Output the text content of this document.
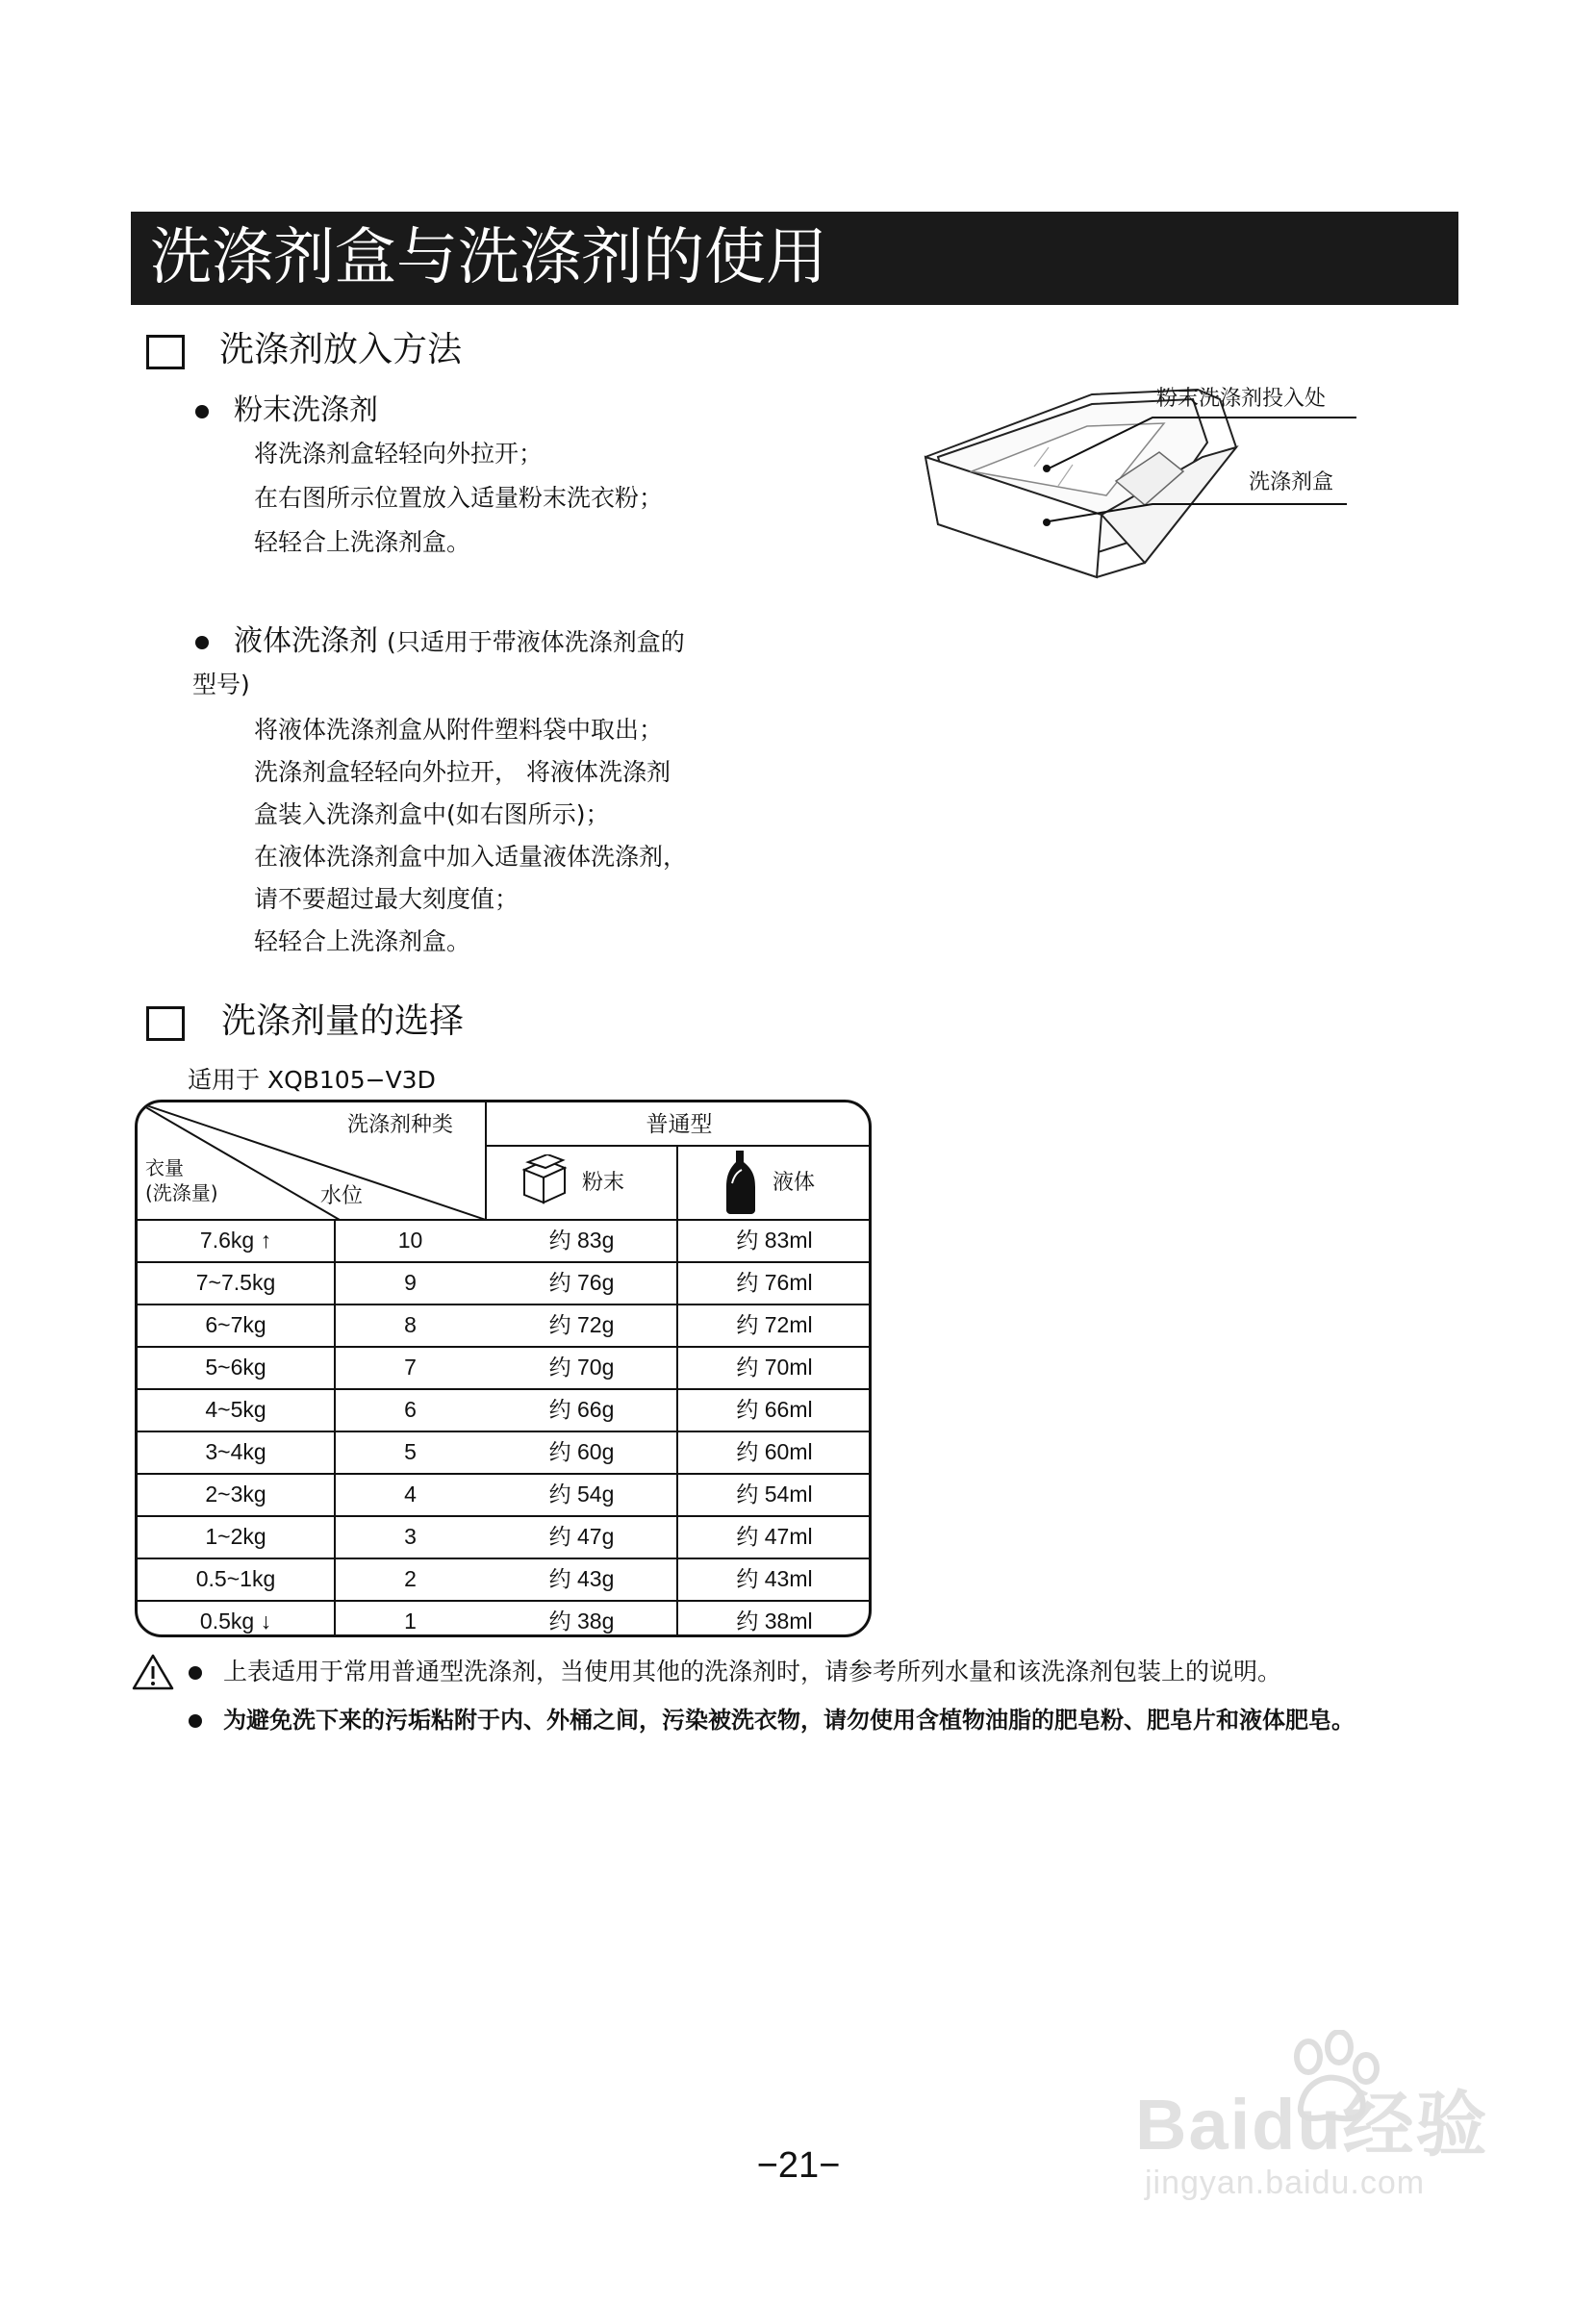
洗涤剂盒与洗涤剂的使用
洗涤剂放入方法
粉末洗涤剂
将洗涤剂盒轻轻向外拉开；
在右图所示位置放入适量粉末洗衣粉；
轻轻合上洗涤剂盒。
液体洗涤剂 (只适用于带液体洗涤剂盒的
型号)
将液体洗涤剂盒从附件塑料袋中取出；
洗涤剂盒轻轻向外拉开， 将液体洗涤剂
盒装入洗涤剂盒中(如右图所示)；
在液体洗涤剂盒中加入适量液体洗涤剂，
请不要超过最大刻度值；
轻轻合上洗涤剂盒。
粉末洗涤剂投入处
洗涤剂盒
洗涤剂量的选择
适用于 XQB105−V3D
洗涤剂种类
衣量
(洗涤量)	水位
普通型
粉末	液体
7.6kg ↑	10	约 83g	约 83ml
7~7.5kg	9	约 76g	约 76ml
6~7kg	8	约 72g	约 72ml
5~6kg	7	约 70g	约 70ml
4~5kg	6	约 66g	约 66ml
3~4kg	5	约 60g	约 60ml
2~3kg	4	约 54g	约 54ml
1~2kg	3	约 47g	约 47ml
0.5~1kg	2	约 43g	约 43ml
0.5kg ↓	1	约 38g	约 38ml
上表适用于常用普通型洗涤剂，当使用其他的洗涤剂时，请参考所列水量和该洗涤剂包装上的说明。
为避免洗下来的污垢粘附于内、外桶之间，污染被洗衣物，请勿使用含植物油脂的肥皂粉、肥皂片和液体肥皂。
−21−
Baidu经验
jingyan.baidu.com
